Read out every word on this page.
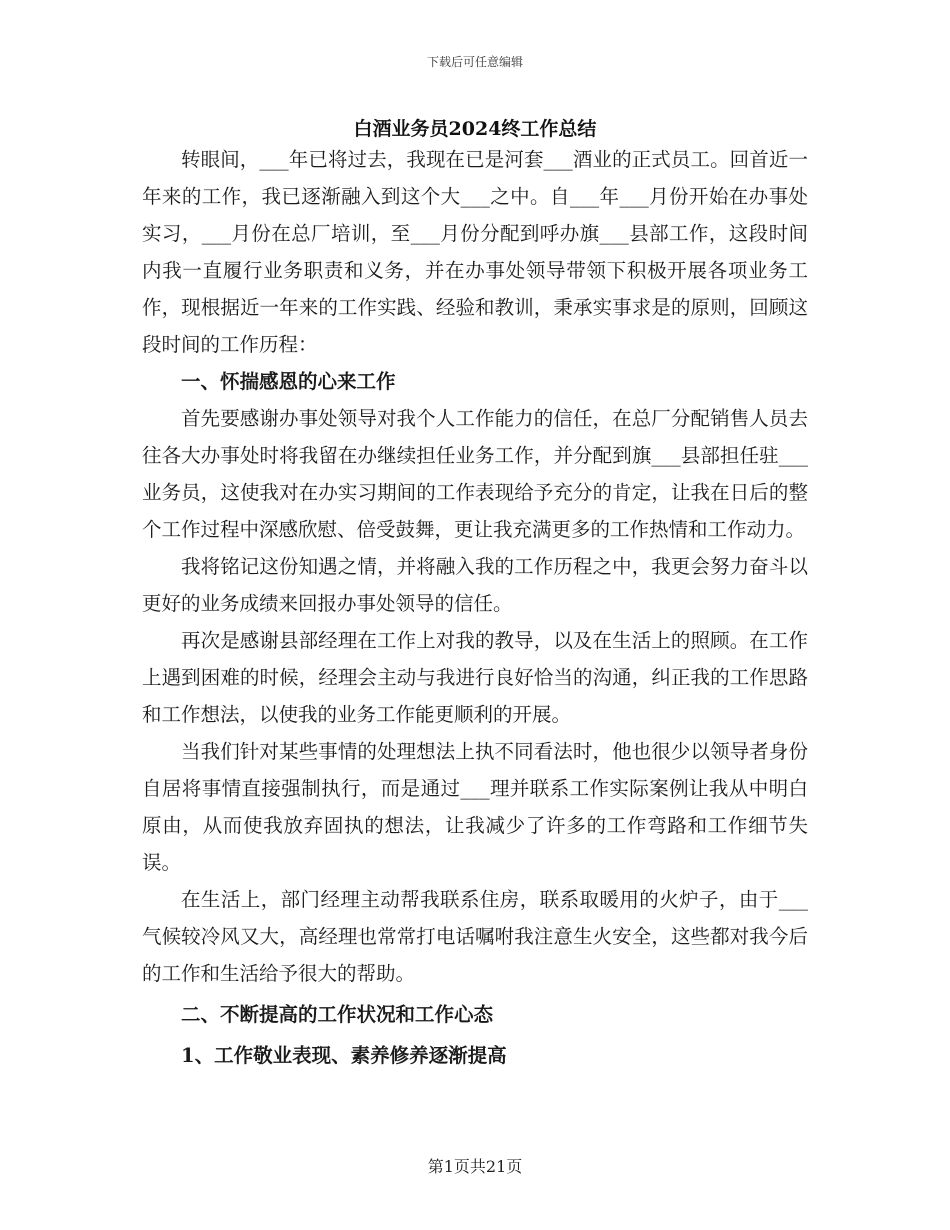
下载后可任意编辑
白酒业务员2024终工作总结

转眼间，___年已将过去，我现在已是河套___酒业的正式员工。回首近一年来的工作，我已逐渐融入到这个大___之中。自___年___月份开始在办事处实习，___月份在总厂培训，至___月份分配到呼办旗___县部工作，这段时间内我一直履行业务职责和义务，并在办事处领导带领下积极开展各项业务工作，现根据近一年来的工作实践、经验和教训，秉承实事求是的原则，回顾这段时间的工作历程：

一、怀揣感恩的心来工作

首先要感谢办事处领导对我个人工作能力的信任，在总厂分配销售人员去往各大办事处时将我留在办继续担任业务工作，并分配到旗___县部担任驻___业务员，这使我对在办实习期间的工作表现给予充分的肯定，让我在日后的整个工作过程中深感欣慰、倍受鼓舞，更让我充满更多的工作热情和工作动力。

我将铭记这份知遇之情，并将融入我的工作历程之中，我更会努力奋斗以更好的业务成绩来回报办事处领导的信任。

再次是感谢县部经理在工作上对我的教导，以及在生活上的照顾。在工作上遇到困难的时候，经理会主动与我进行良好恰当的沟通，纠正我的工作思路和工作想法，以使我的业务工作能更顺利的开展。

当我们针对某些事情的处理想法上执不同看法时，他也很少以领导者身份自居将事情直接强制执行，而是通过___理并联系工作实际案例让我从中明白原由，从而使我放弃固执的想法，让我减少了许多的工作弯路和工作细节失误。

在生活上，部门经理主动帮我联系住房，联系取暖用的火炉子，由于___气候较冷风又大，高经理也常常打电话嘱咐我注意生火安全，这些都对我今后的工作和生活给予很大的帮助。

二、不断提高的工作状况和工作心态

1、工作敬业表现、素养修养逐渐提高

第1页共21页
